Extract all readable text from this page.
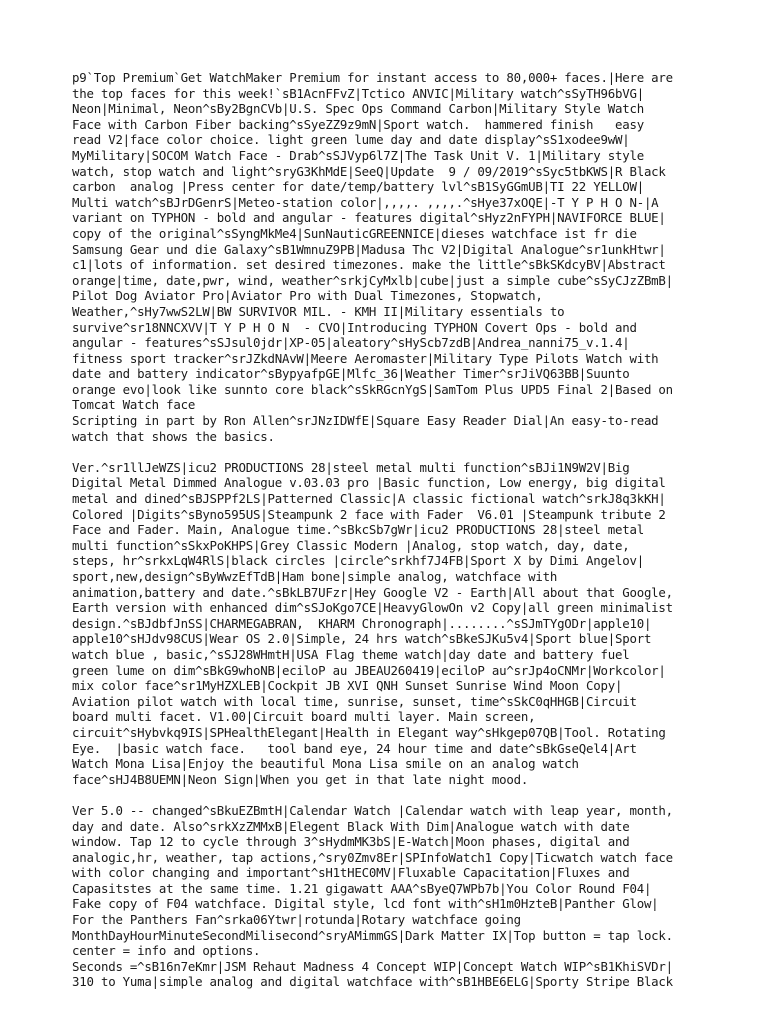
p9`Top Premium`Get WatchMaker Premium for instant access to 80,000+ faces.|Here are
the top faces for this week!`sB1AcnFFvZ|Tctico ANVIC|Military watch^sSyTH96bVG|
Neon|Minimal, Neon^sBy2BgnCVb|U.S. Spec Ops Command Carbon|Military Style Watch
Face with Carbon Fiber backing^sSyeZZ9z9mN|Sport watch.  hammered finish   easy
read V2|face color choice. light green lume day and date display^sS1xodee9wW|
MyMilitary|SOCOM Watch Face - Drab^sSJVyp6l7Z|The Task Unit V. 1|Military style
watch, stop watch and light^sryG3KhMdE|SeeQ|Update  9 / 09/2019^sSyc5tbKWS|R Black
carbon  analog |Press center for date/temp/battery lvl^sB1SyGGmUB|TI 22 YELLOW|
Multi watch^sBJrDGenrS|Meteo-station color|,,,,. ,,,,.^sHye37xOQE|-T Y P H O N-|A
variant on TYPHON - bold and angular - features digital^sHyz2nFYPH|NAVIFORCE BLUE|
copy of the original^sSyngMkMe4|SunNauticGREENNICE|dieses watchface ist fr die
Samsung Gear und die Galaxy^sB1WmnuZ9PB|Madusa Thc V2|Digital Analogue^sr1unkHtwr|
c1|lots of information. set desired timezones. make the little^sBkSKdcyBV|Abstract
orange|time, date,pwr, wind, weather^srkjCyMxlb|cube|just a simple cube^sSyCJzZBmB|
Pilot Dog Aviator Pro|Aviator Pro with Dual Timezones, Stopwatch,
Weather,^sHy7wwS2LW|BW SURVIVOR MIL. - KMH II|Military essentials to
survive^sr18NNCXVV|T Y P H O N  - CVO|Introducing TYPHON Covert Ops - bold and
angular - features^sSJsul0jdr|XP-05|aleatory^sHyScb7zdB|Andrea_nanni75_v.1.4|
fitness sport tracker^srJZkdNAvW|Meere Aeromaster|Military Type Pilots Watch with
date and battery indicator^sBypyafpGE|Mlfc_36|Weather Timer^srJiVQ63BB|Suunto
orange evo|look like sunnto core black^sSkRGcnYgS|SamTom Plus UPD5 Final 2|Based on
Tomcat Watch face
Scripting in part by Ron Allen^srJNzIDWfE|Square Easy Reader Dial|An easy-to-read
watch that shows the basics.
Ver.^sr1llJeWZS|icu2 PRODUCTIONS 28|steel metal multi function^sBJi1N9W2V|Big
Digital Metal Dimmed Analogue v.03.03 pro |Basic function, Low energy, big digital
metal and dined^sBJSPPf2LS|Patterned Classic|A classic fictional watch^srkJ8q3kKH|
Colored |Digits^sByno595US|Steampunk 2 face with Fader  V6.01 |Steampunk tribute 2
Face and Fader. Main, Analogue time.^sBkcSb7gWr|icu2 PRODUCTIONS 28|steel metal
multi function^sSkxPoKHPS|Grey Classic Modern |Analog, stop watch, day, date,
steps, hr^srkxLqW4RlS|black circles |circle^srkhf7J4FB|Sport X by Dimi Angelov|
sport,new,design^sByWwzEfTdB|Ham bone|simple analog, watchface with
animation,battery and date.^sBkLB7UFzr|Hey Google V2 - Earth|All about that Google,
Earth version with enhanced dim^sSJoKgo7CE|HeavyGlowOn v2 Copy|all green minimalist
design.^sBJdbfJnSS|CHARMEGABRAN,  KHARM Chronograph|........^sSJmTYgODr|apple10|
apple10^sHJdv98CUS|Wear OS 2.0|Simple, 24 hrs watch^sBkeSJKu5v4|Sport blue|Sport
watch blue , basic,^sSJ28WHmtH|USA Flag theme watch|day date and battery fuel
green lume on dim^sBkG9whoNB|eciloP au JBEAU260419|eciloP au^srJp4oCNMr|Workcolor|
mix color face^sr1MyHZXLEB|Cockpit JB XVI QNH Sunset Sunrise Wind Moon Copy|
Aviation pilot watch with local time, sunrise, sunset, time^sSkC0qHHGB|Circuit
board multi facet. V1.00|Circuit board multi layer. Main screen,
circuit^sHybvkq9IS|SPHealthElegant|Health in Elegant way^sHkgep07QB|Tool. Rotating
Eye.  |basic watch face.   tool band eye, 24 hour time and date^sBkGseQel4|Art
Watch Mona Lisa|Enjoy the beautiful Mona Lisa smile on an analog watch
face^sHJ4B8UEMN|Neon Sign|When you get in that late night mood.
Ver 5.0 -- changed^sBkuEZBmtH|Calendar Watch |Calendar watch with leap year, month,
day and date. Also^srkXzZMMxB|Elegent Black With Dim|Analogue watch with date
window. Tap 12 to cycle through 3^sHydmMK3bS|E-Watch|Moon phases, digital and
analogic,hr, weather, tap actions,^sry0Zmv8Er|SPInfoWatch1 Copy|Ticwatch watch face
with color changing and important^sH1tHEC0MV|Fluxable Capacitation|Fluxes and
Capasitstes at the same time. 1.21 gigawatt AAA^sByeQ7WPb7b|You Color Round F04|
Fake copy of F04 watchface. Digital style, lcd font with^sH1m0HzteB|Panther Glow|
For the Panthers Fan^srka06Ytwr|rotunda|Rotary watchface going
MonthDayHourMinuteSecondMilisecond^sryAMimmGS|Dark Matter IX|Top button = tap lock.
center = info and options.
Seconds =^sB16n7eKmr|JSM Rehaut Madness 4 Concept WIP|Concept Watch WIP^sB1KhiSVDr|
310 to Yuma|simple analog and digital watchface with^sB1HBE6ELG|Sporty Stripe Black
